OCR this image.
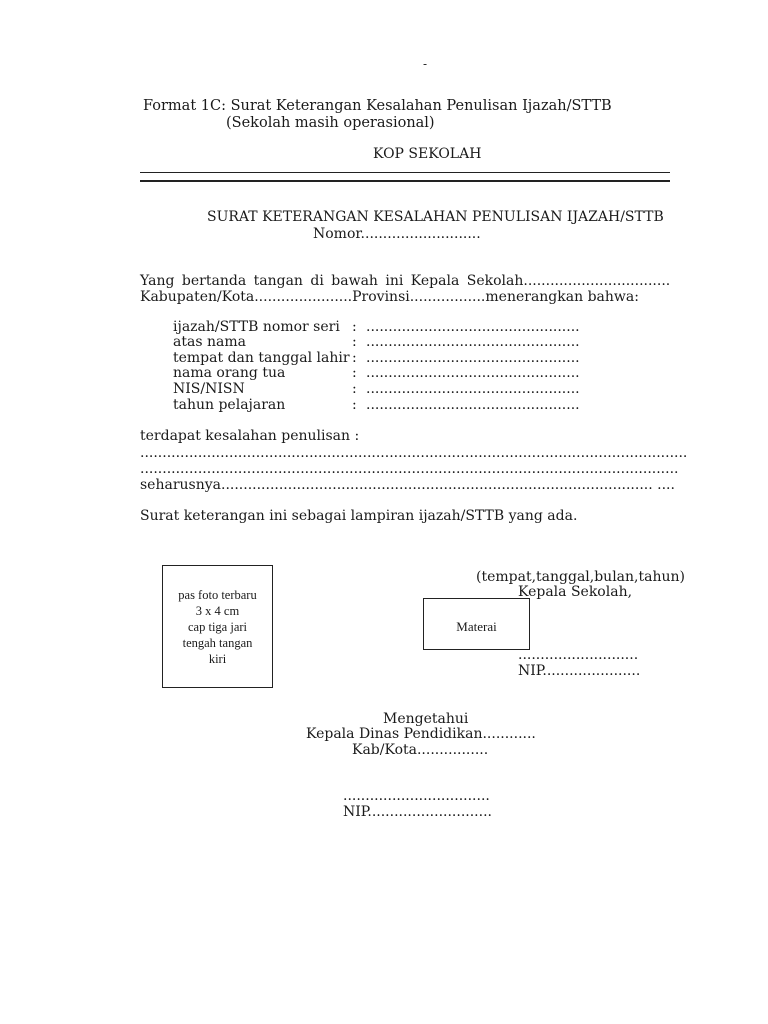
-
Format 1C: Surat Keterangan Kesalahan Penulisan Ijazah/STTB
(Sekolah masih operasional)
KOP SEKOLAH
SURAT KETERANGAN KESALAHAN PENULISAN IJAZAH/STTB
Nomor...........................
Yang bertanda tangan di bawah ini Kepala Sekolah.................................
Kabupaten/Kota......................Provinsi.................menerangkan bahwa:
ijazah/STTB nomor seri : ................................................
atas nama	: ................................................
tempat dan tanggal lahir : ................................................
nama orang tua	: ................................................
NIS/NISN	: ................................................
tahun pelajaran	: ................................................
terdapat kesalahan penulisan :
...........................................................................................................................
.........................................................................................................................
seharusnya................................................................................................. ....
Surat keterangan ini sebagai lampiran ijazah/STTB yang ada.
pas foto terbaru
3 x 4 cm
cap tiga jari
tengah tangan
kiri
(tempat,tanggal,bulan,tahun)
Kepala Sekolah,
Materai
...........................
NIP......................
Mengetahui
Kepala Dinas Pendidikan............
Kab/Kota................
.................................
NIP............................
